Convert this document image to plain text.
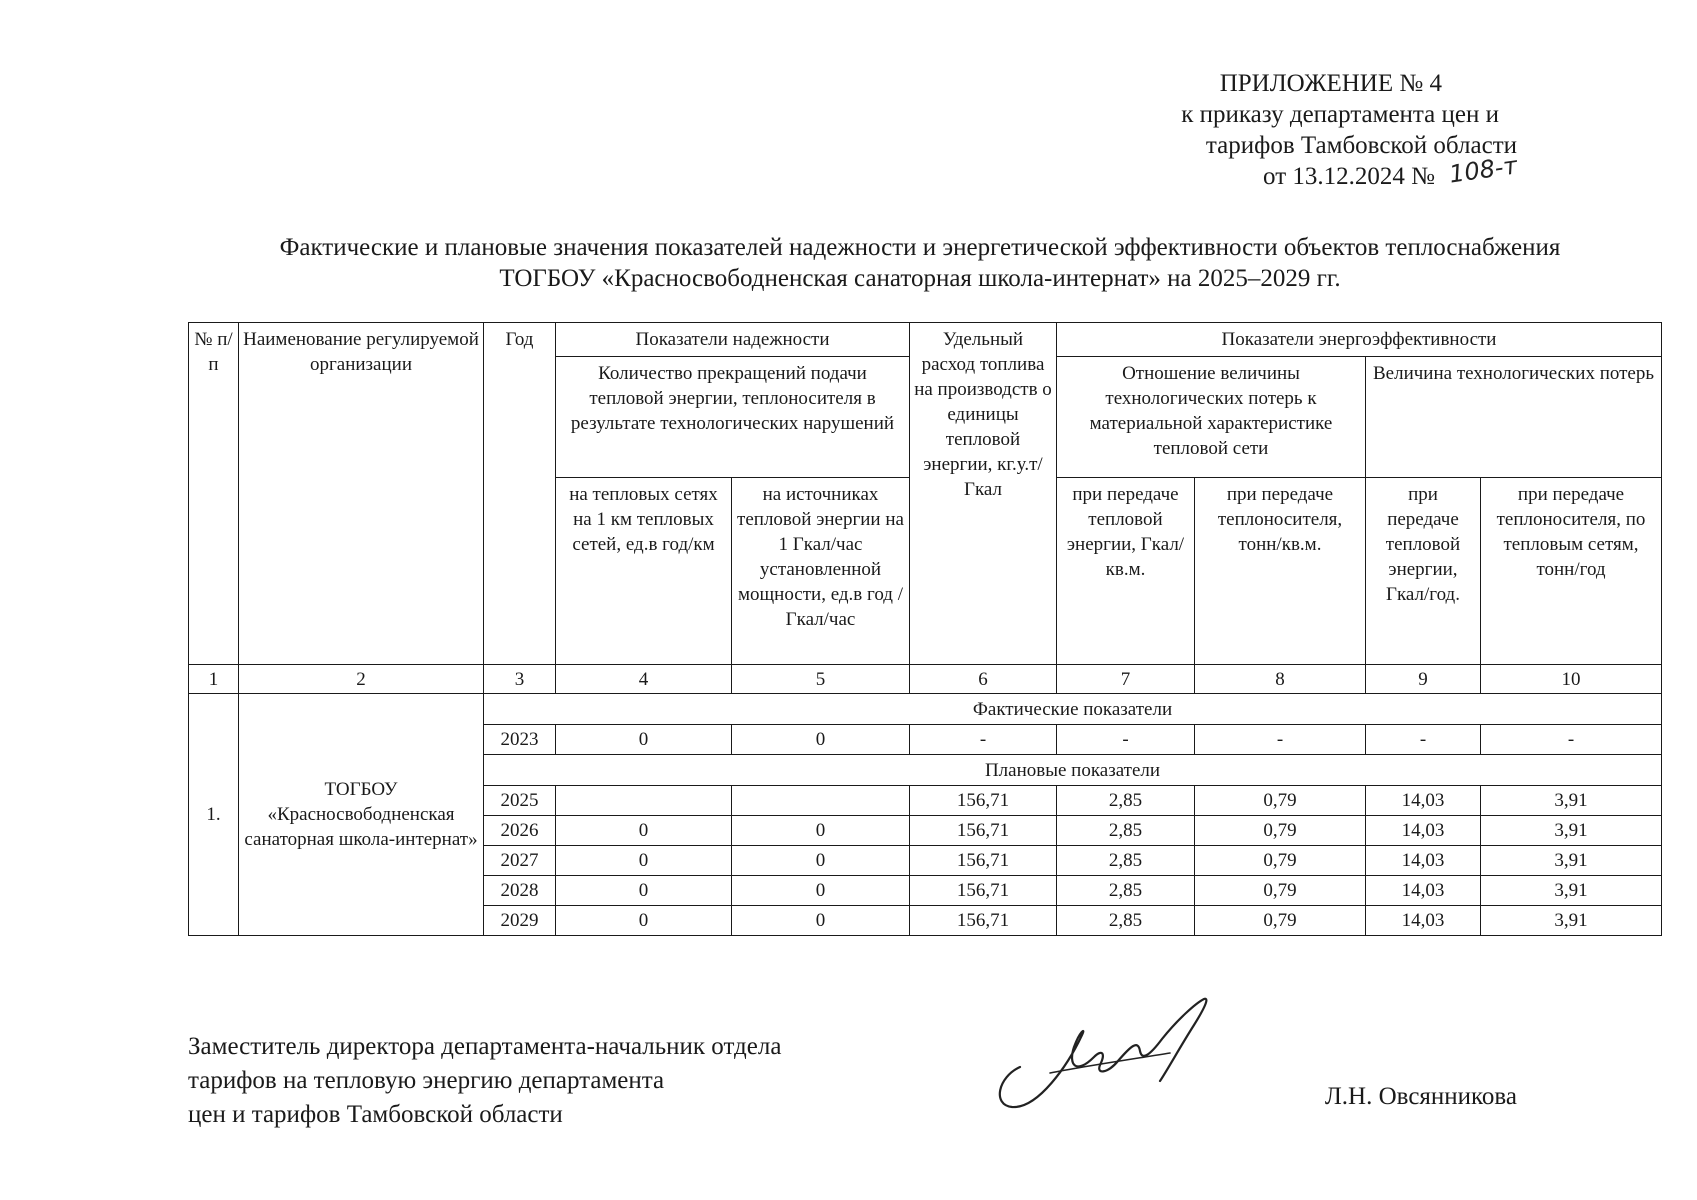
ПРИЛОЖЕНИЕ № 4
к приказу департамента цен и
тарифов Тамбовской области
от 13.12.2024 № 108-т
Фактические и плановые значения показателей надежности и энергетической эффективности объектов теплоснабжения
ТОГБОУ «Красносвободненская санаторная школа-интернат» на 2025–2029 гг.
№ п/п	Наименование регулируемой организации	Год	Показатели надежности		Удельный расход топлива на производств о единицы тепловой энергии, кг.у.т/Гкал	Показатели энергоэффективности			
			Количество прекращений подачи тепловой энергии, теплоносителя в результате технологических нарушений			Отношение величины технологических потерь к материальной характеристике тепловой сети		Величина технологических потерь	
			на тепловых сетях на 1 км тепловых сетей, ед.в год/км	на источниках тепловой энергии на 1 Гкал/час установленной мощности, ед.в год /Гкал/час		при передаче тепловой энергии, Гкал/кв.м.	при передаче теплоносителя, тонн/кв.м.	при передаче тепловой энергии, Гкал/год.	при передаче теплоносителя, по тепловым сетям, тонн/год
1	2	3	4	5	6	7	8	9	10
1.	ТОГБОУ «Красносвободненская санаторная школа-интернат»	Фактические показатели							
		2023	0	0	-	-	-	-	-
		Плановые показатели							
		2025			156,71	2,85	0,79	14,03	3,91
		2026	0	0	156,71	2,85	0,79	14,03	3,91
		2027	0	0	156,71	2,85	0,79	14,03	3,91
		2028	0	0	156,71	2,85	0,79	14,03	3,91
		2029	0	0	156,71	2,85	0,79	14,03	3,91
Заместитель директора департамента-начальник отдела
тарифов на тепловую энергию департамента
цен и тарифов Тамбовской области
Л.Н. Овсянникова
